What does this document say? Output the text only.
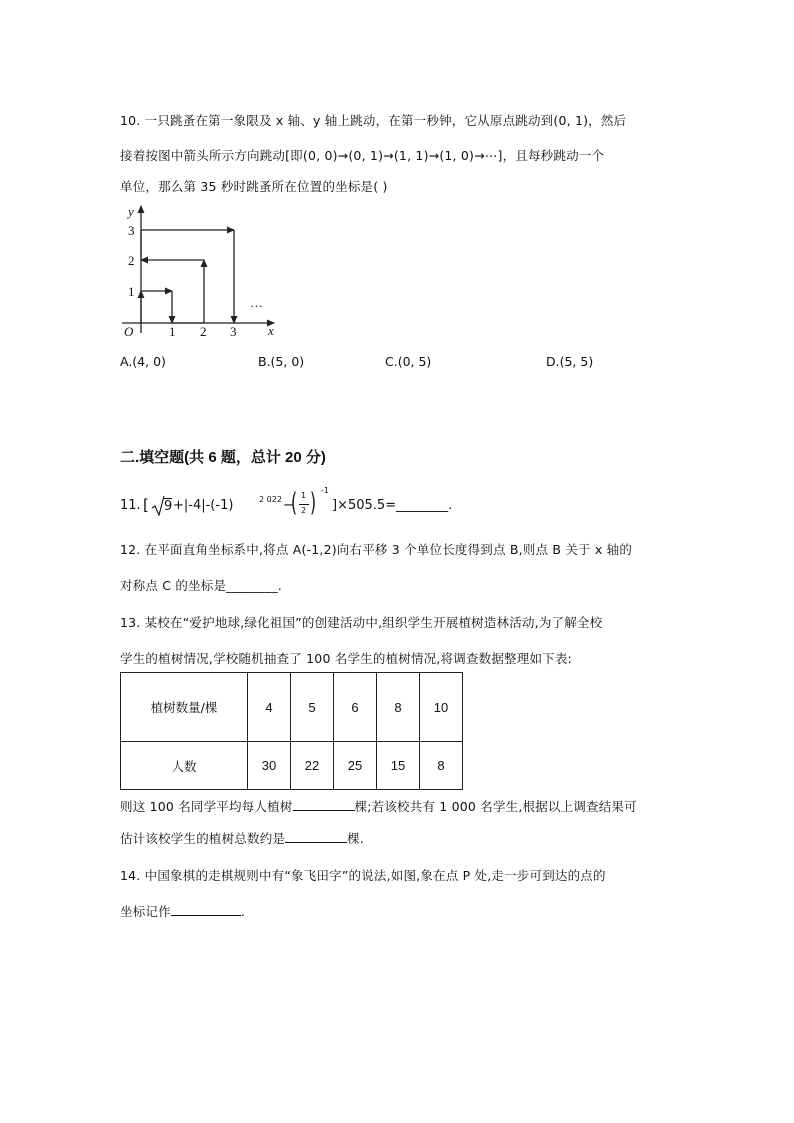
10. 一只跳蚤在第一象限及 x 轴、y 轴上跳动，在第一秒钟，它从原点跳动到(0, 1)，然后
接着按图中箭头所示方向跳动[即(0, 0)→(0, 1)→(1, 1)→(1, 0)→⋯]，且每秒跳动一个
单位，那么第 35 秒时跳蚤所在位置的坐标是( )
O	1 2 3 x
1
2
3
y
…
A.(4, 0)	B.(5, 0)	C.(0, 5)	D.(5, 5)
二.填空题(共 6 题，总计 20 分)
11. [ 9 +|-4|-(-1)	2 022 −
( 1
2 ) -1
]×505.5=________.
12. 在平面直角坐标系中,将点 A(-1,2)向右平移 3 个单位长度得到点 B,则点 B 关于 x 轴的
对称点 C 的坐标是________.
13. 某校在“爱护地球,绿化祖国”的创建活动中,组织学生开展植树造林活动,为了解全校
学生的植树情况,学校随机抽查了 100 名学生的植树情况,将调查数据整理如下表:
植树数量/棵	4	5	6	8	10
人数	30	22	25	15	8
则这 100 名同学平均每人植树	棵;若该校共有 1 000 名学生,根据以上调查结果可
估计该校学生的植树总数约是	棵.
14. 中国象棋的走棋规则中有“象飞田字”的说法,如图,象在点 P 处,走一步可到达的点的
坐标记作	.
